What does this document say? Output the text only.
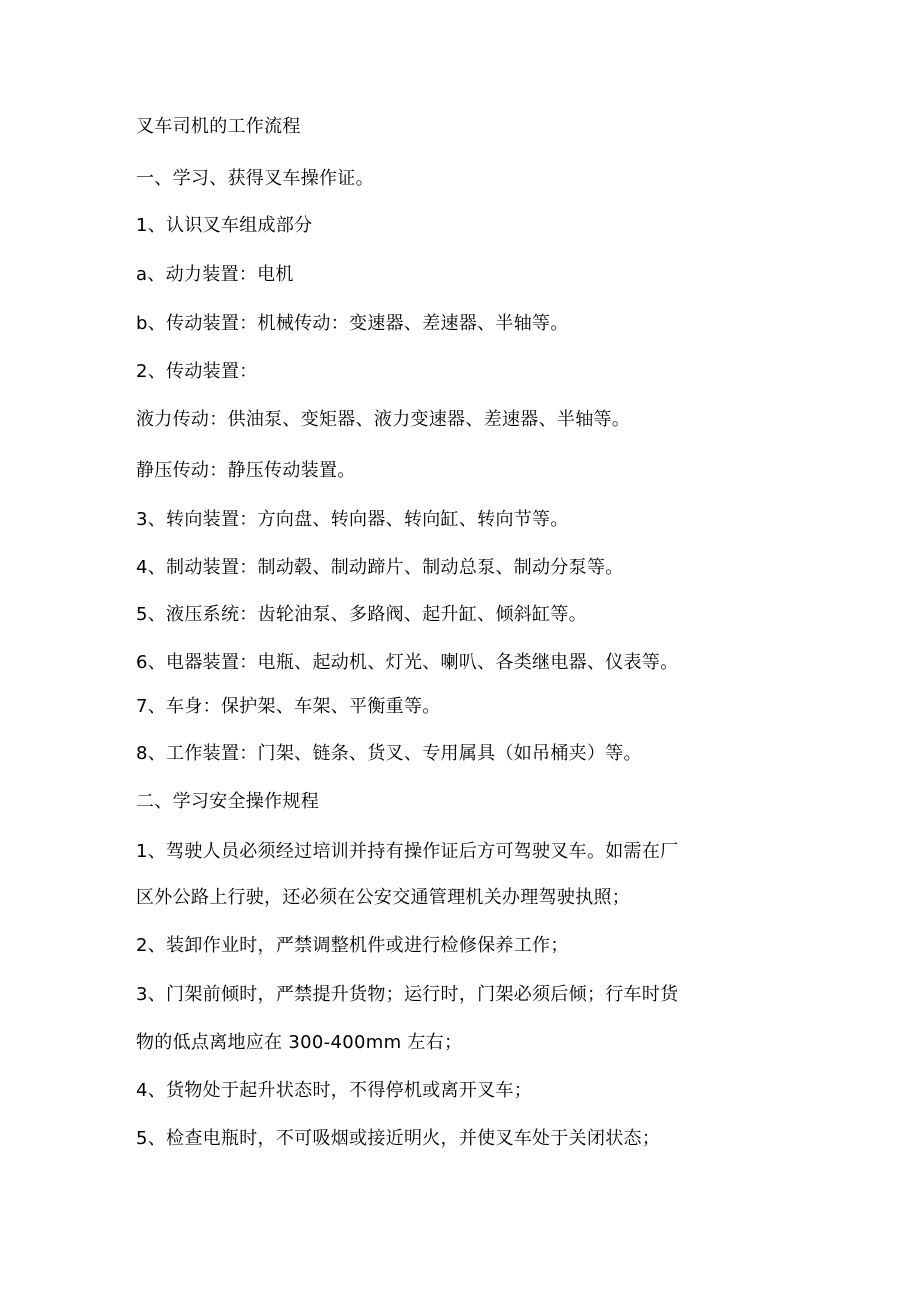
叉车司机的工作流程
一、学习、获得叉车操作证。
1、认识叉车组成部分
a、动力装置：电机
b、传动装置：机械传动：变速器、差速器、半轴等。
2、传动装置：
液力传动：供油泵、变矩器、液力变速器、差速器、半轴等。
静压传动：静压传动装置。
3、转向装置：方向盘、转向器、转向缸、转向节等。
4、制动装置：制动毂、制动蹄片、制动总泵、制动分泵等。
5、液压系统：齿轮油泵、多路阀、起升缸、倾斜缸等。
6、电器装置：电瓶、起动机、灯光、喇叭、各类继电器、仪表等。
7、车身：保护架、车架、平衡重等。
8、工作装置：门架、链条、货叉、专用属具（如吊桶夹）等。
二、学习安全操作规程
1、驾驶人员必须经过培训并持有操作证后方可驾驶叉车。如需在厂
区外公路上行驶，还必须在公安交通管理机关办理驾驶执照；
2、装卸作业时，严禁调整机件或进行检修保养工作；
3、门架前倾时，严禁提升货物；运行时，门架必须后倾；行车时货
物的低点离地应在 300-400mm 左右；
4、货物处于起升状态时，不得停机或离开叉车；
5、检查电瓶时，不可吸烟或接近明火，并使叉车处于关闭状态；
